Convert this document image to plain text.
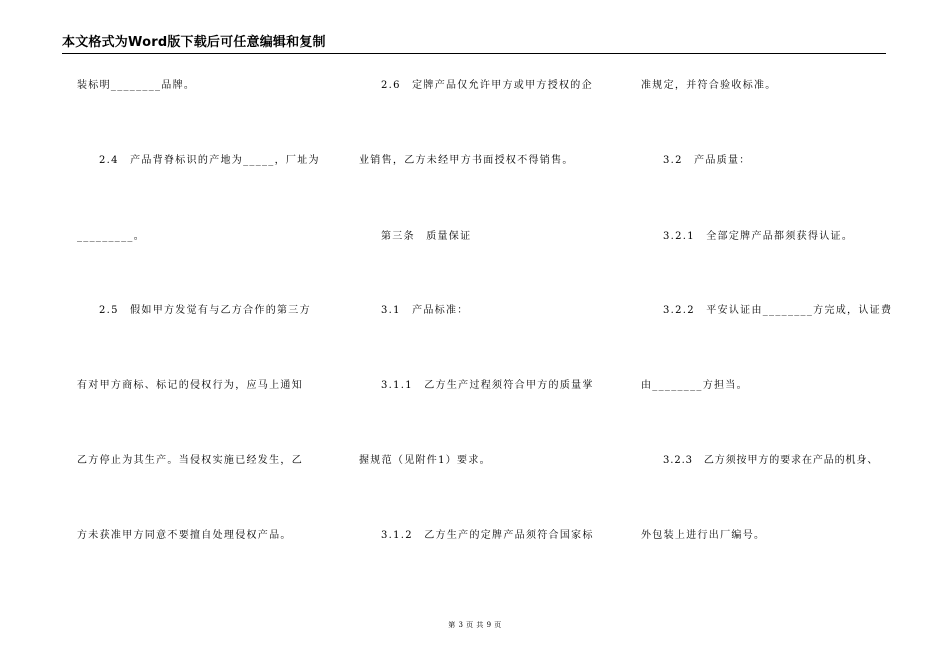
本文格式为Word版下载后可任意编辑和复制
装标明________品牌。
2.4　产品背脊标识的产地为_____，厂址为
_________。
2.5　假如甲方发觉有与乙方合作的第三方
有对甲方商标、标记的侵权行为，应马上通知
乙方停止为其生产。当侵权实施已经发生，乙
方未获准甲方同意不要擅自处理侵权产品。
2.6　定牌产品仅允许甲方或甲方授权的企
业销售，乙方未经甲方书面授权不得销售。
第三条　质量保证
3.1　产品标准：
3.1.1　乙方生产过程须符合甲方的质量掌
握规范（见附件1）要求。
3.1.2　乙方生产的定牌产品须符合国家标
准规定，并符合验收标准。
3.2　产品质量：
3.2.1　全部定牌产品都须获得认证。
3.2.2　平安认证由________方完成，认证费
由________方担当。
3.2.3　乙方须按甲方的要求在产品的机身、
外包装上进行出厂编号。
第 3 页 共 9 页
